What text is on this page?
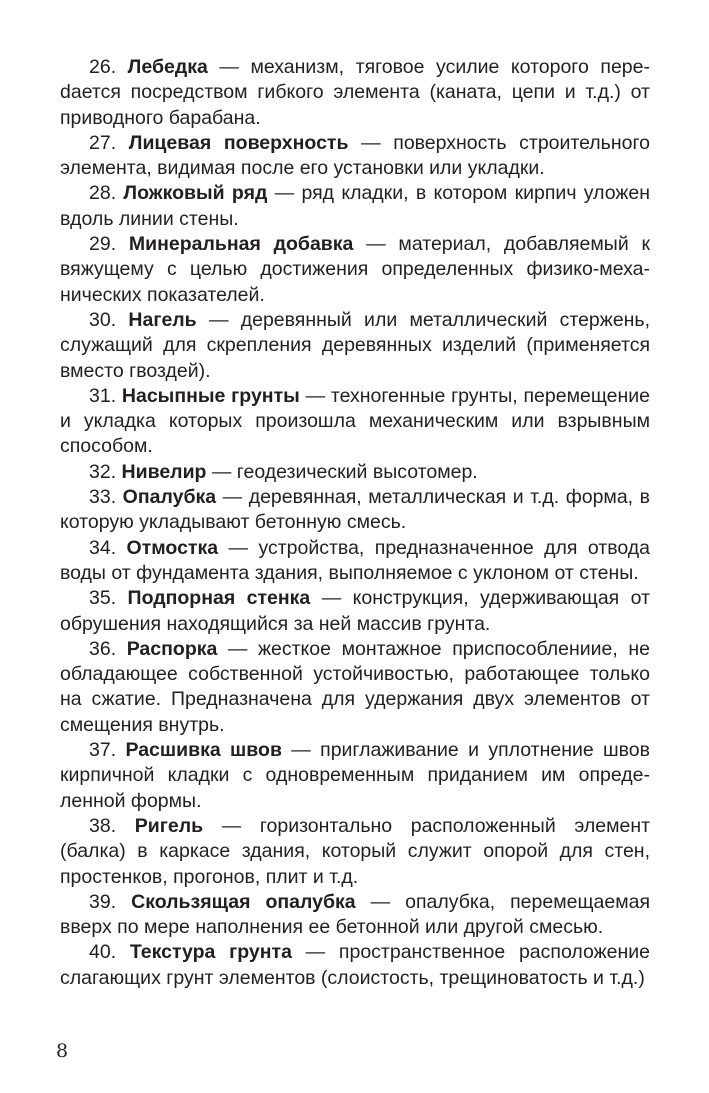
26. Лебедка — механизм, тяговое усилие которого переdается посредством гибкого элемента (каната, цепи и т.д.) от приводного барабана.

27. Лицевая поверхность — поверхность строительного элемента, видимая после его установки или укладки.

28. Ложковый ряд — ряд кладки, в котором кирпич уложен вдоль линии стены.

29. Минеральная добавка — материал, добавляемый к вяжущему с целью достижения определенных физико-механических показателей.

30. Нагель — деревянный или металлический стержень, служащий для скрепления деревянных изделий (применяется вместо гвоздей).

31. Насыпные грунты — техногенные грунты, перемещение и укладка которых произошла механическим или взрывным способом.

32. Нивелир — геодезический высотомер.

33. Опалубка — деревянная, металлическая и т.д. форма, в которую укладывают бетонную смесь.

34. Отмостка — устройства, предназначенное для отвода воды от фундамента здания, выполняемое с уклоном от стены.

35. Подпорная стенка — конструкция, удерживающая от обрушения находящийся за ней массив грунта.

36. Распорка — жесткое монтажное приспособлениие, не обладающее собственной устойчивостью, работающее только на сжатие. Предназначена для удержания двух элементов от смещения внутрь.

37. Расшивка швов — приглаживание и уплотнение швов кирпичной кладки с одновременным приданием им определенной формы.

38. Ригель — горизонтально расположенный элемент (балка) в каркасе здания, который служит опорой для стен, простенков, прогонов, плит и т.д.

39. Скользящая опалубка — опалубка, перемещаемая вверх по мере наполнения ее бетонной или другой смесью.

40. Текстура грунта — пространственное расположение слагающих грунт элементов (слоистость, трещиноватость и т.д.)

8
